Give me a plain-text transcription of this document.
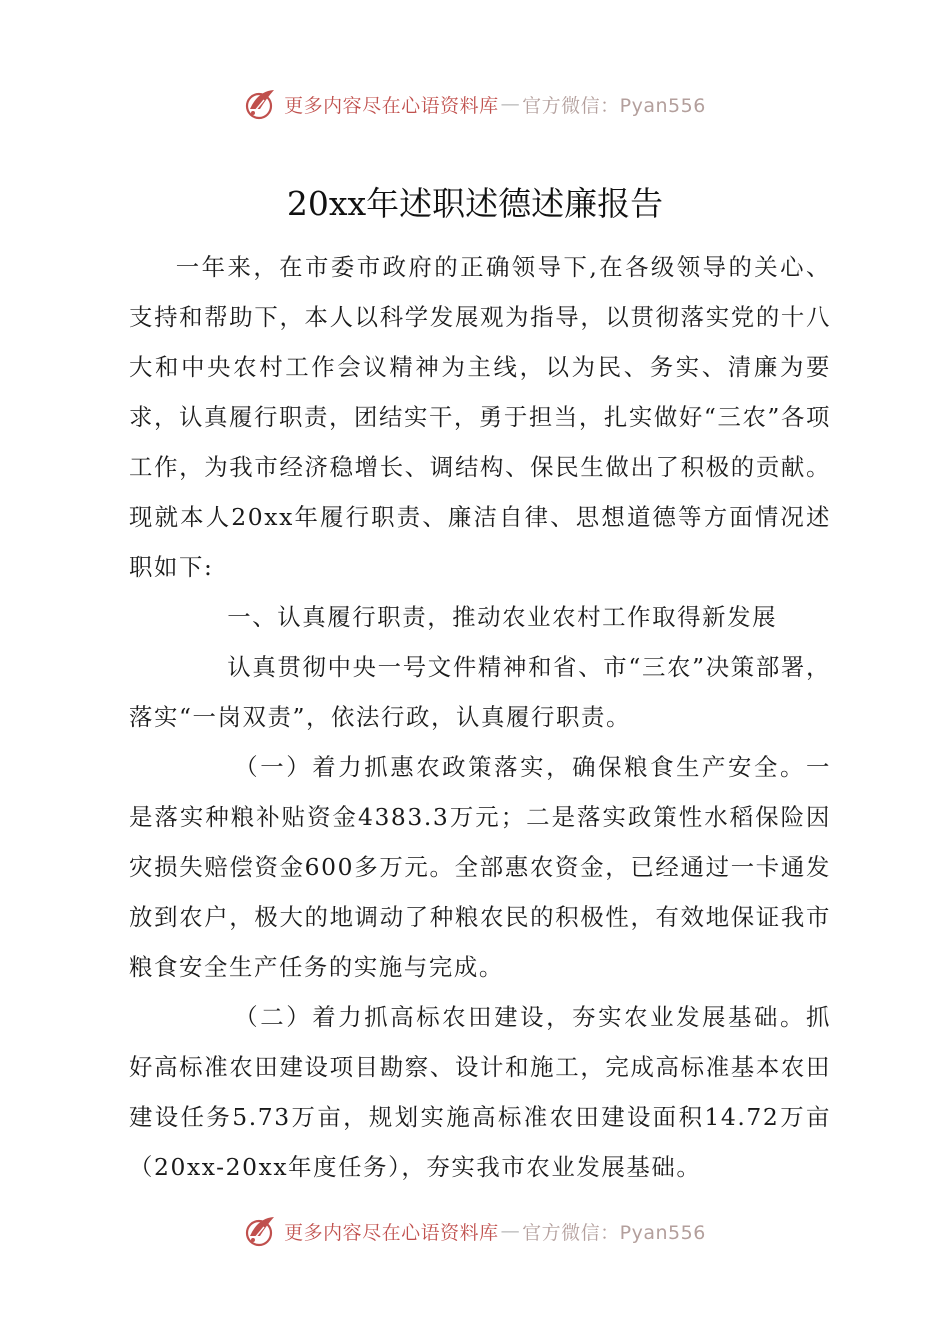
更多内容尽在心语资料库 — 官方微信：Pyan556
20xx年述职述德述廉报告

一年来，在市委市政府的正确领导下,在各级领导的关心、支持和帮助下，本人以科学发展观为指导，以贯彻落实党的十八大和中央农村工作会议精神为主线，以为民、务实、清廉为要求，认真履行职责，团结实干，勇于担当，扎实做好“三农”各项工作，为我市经济稳增长、调结构、保民生做出了积极的贡献。现就本人20xx年履行职责、廉洁自律、思想道德等方面情况述职如下:

一、认真履行职责，推动农业农村工作取得新发展

认真贯彻中央一号文件精神和省、市“三农”决策部署，落实“一岗双责”，依法行政，认真履行职责。

（一）着力抓惠农政策落实，确保粮食生产安全。一是落实种粮补贴资金4383.3万元；二是落实政策性水稻保险因灾损失赔偿资金600多万元。全部惠农资金，已经通过一卡通发放到农户，极大的地调动了种粮农民的积极性，有效地保证我市粮食安全生产任务的实施与完成。

（二）着力抓高标农田建设，夯实农业发展基础。抓好高标准农田建设项目勘察、设计和施工，完成高标准基本农田建设任务5.73万亩，规划实施高标准农田建设面积14.72万亩（20xx-20xx年度任务），夯实我市农业发展基础。

更多内容尽在心语资料库 — 官方微信：Pyan556
